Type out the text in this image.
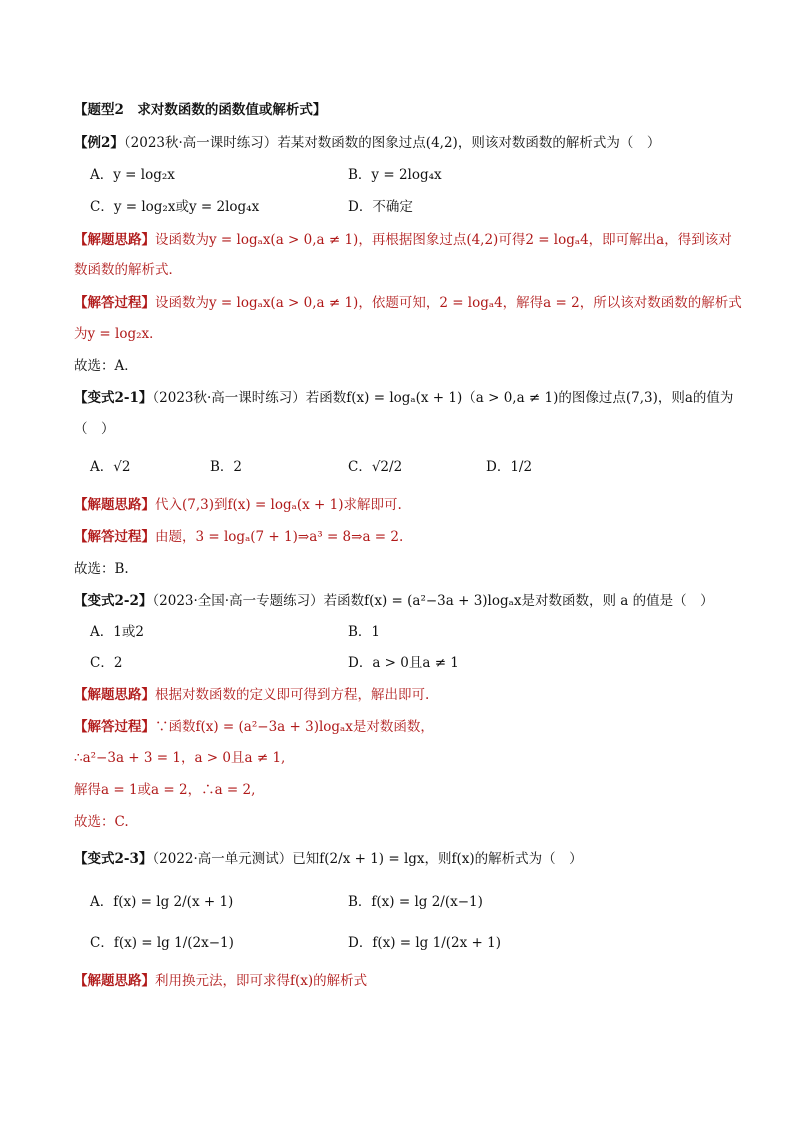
【题型2　求对数函数的函数值或解析式】
【例2】（2023秋·高一课时练习）若某对数函数的图象过点(4,2)，则该对数函数的解析式为（　）
A．y = log₂x	B．y = 2log₄x
C．y = log₂x或y = 2log₄x	D．不确定
【解题思路】设函数为y = logₐx(a > 0,a ≠ 1)，再根据图象过点(4,2)可得2 = logₐ4，即可解出a，得到该对
数函数的解析式．
【解答过程】设函数为y = logₐx(a > 0,a ≠ 1)，依题可知，2 = logₐ4，解得a = 2，所以该对数函数的解析式
为y = log₂x．
故选：A．
【变式2-1】（2023秋·高一课时练习）若函数f(x) = logₐ(x + 1)（a > 0,a ≠ 1)的图像过点(7,3)，则a的值为
（　）
A．√2	B．2	C．√2/2	D．1/2
【解题思路】代入(7,3)到f(x) = logₐ(x + 1)求解即可.
【解答过程】由题，3 = logₐ(7 + 1)⇒a³ = 8⇒a = 2.
故选：B.
【变式2-2】（2023·全国·高一专题练习）若函数f(x) = (a²−3a + 3)logₐx是对数函数，则 a 的值是（　）
A．1或2	B．1
C．2	D．a > 0且a ≠ 1
【解题思路】根据对数函数的定义即可得到方程，解出即可.
【解答过程】∵函数f(x) = (a²−3a + 3)logₐx是对数函数，
∴a²−3a + 3 = 1，a > 0且a ≠ 1,
解得a = 1或a = 2，∴a = 2,
故选：C.
【变式2-3】（2022·高一单元测试）已知f(2/x + 1) = lgx，则f(x)的解析式为（　）
A．f(x) = lg 2/(x + 1)	B．f(x) = lg 2/(x−1)
C．f(x) = lg 1/(2x−1)	D．f(x) = lg 1/(2x + 1)
【解题思路】利用换元法，即可求得f(x)的解析式
